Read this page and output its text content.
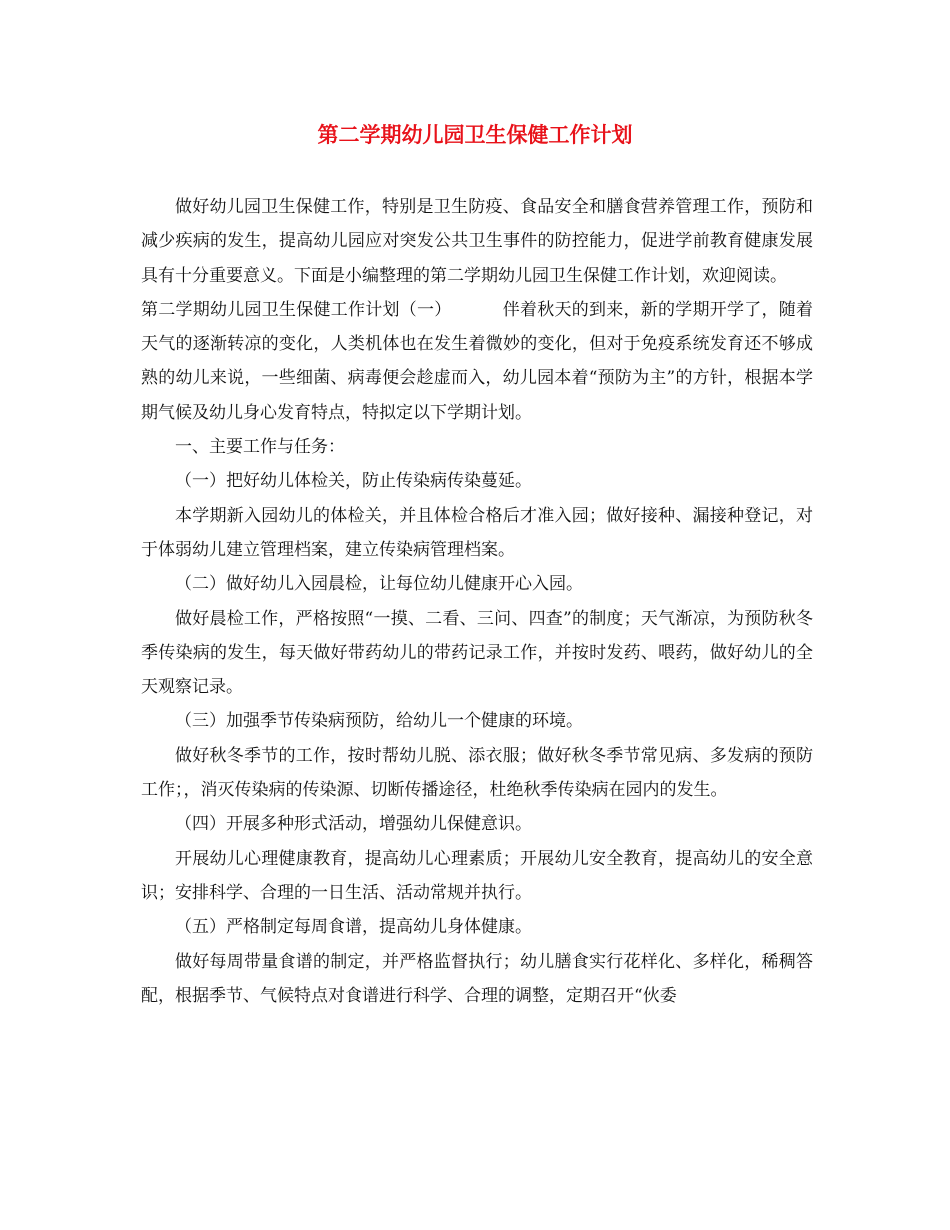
第二学期幼儿园卫生保健工作计划

做好幼儿园卫生保健工作，特别是卫生防疫、食品安全和膳食营养管理工作，预防和减少疾病的发生，提高幼儿园应对突发公共卫生事件的防控能力，促进学前教育健康发展具有十分重要意义。下面是小编整理的第二学期幼儿园卫生保健工作计划，欢迎阅读。

第二学期幼儿园卫生保健工作计划（一）	伴着秋天的到来，新的学期开学了，随着天气的逐渐转凉的变化，人类机体也在发生着微妙的变化，但对于免疫系统发育还不够成熟的幼儿来说，一些细菌、病毒便会趁虚而入，幼儿园本着“预防为主”的方针，根据本学期气候及幼儿身心发育特点，特拟定以下学期计划。

一、主要工作与任务：

（一）把好幼儿体检关，防止传染病传染蔓延。

本学期新入园幼儿的体检关，并且体检合格后才准入园；做好接种、漏接种登记，对于体弱幼儿建立管理档案，建立传染病管理档案。

（二）做好幼儿入园晨检，让每位幼儿健康开心入园。

做好晨检工作，严格按照“一摸、二看、三问、四查”的制度；天气渐凉，为预防秋冬季传染病的发生，每天做好带药幼儿的带药记录工作，并按时发药、喂药，做好幼儿的全天观察记录。

（三）加强季节传染病预防，给幼儿一个健康的环境。

做好秋冬季节的工作，按时帮幼儿脱、添衣服；做好秋冬季节常见病、多发病的预防工作；，消灭传染病的传染源、切断传播途径，杜绝秋季传染病在园内的发生。

（四）开展多种形式活动，增强幼儿保健意识。

开展幼儿心理健康教育，提高幼儿心理素质；开展幼儿安全教育，提高幼儿的安全意识；安排科学、合理的一日生活、活动常规并执行。

（五）严格制定每周食谱，提高幼儿身体健康。

做好每周带量食谱的制定，并严格监督执行；幼儿膳食实行花样化、多样化，稀稠答配，根据季节、气候特点对食谱进行科学、合理的调整，定期召开“伙委
